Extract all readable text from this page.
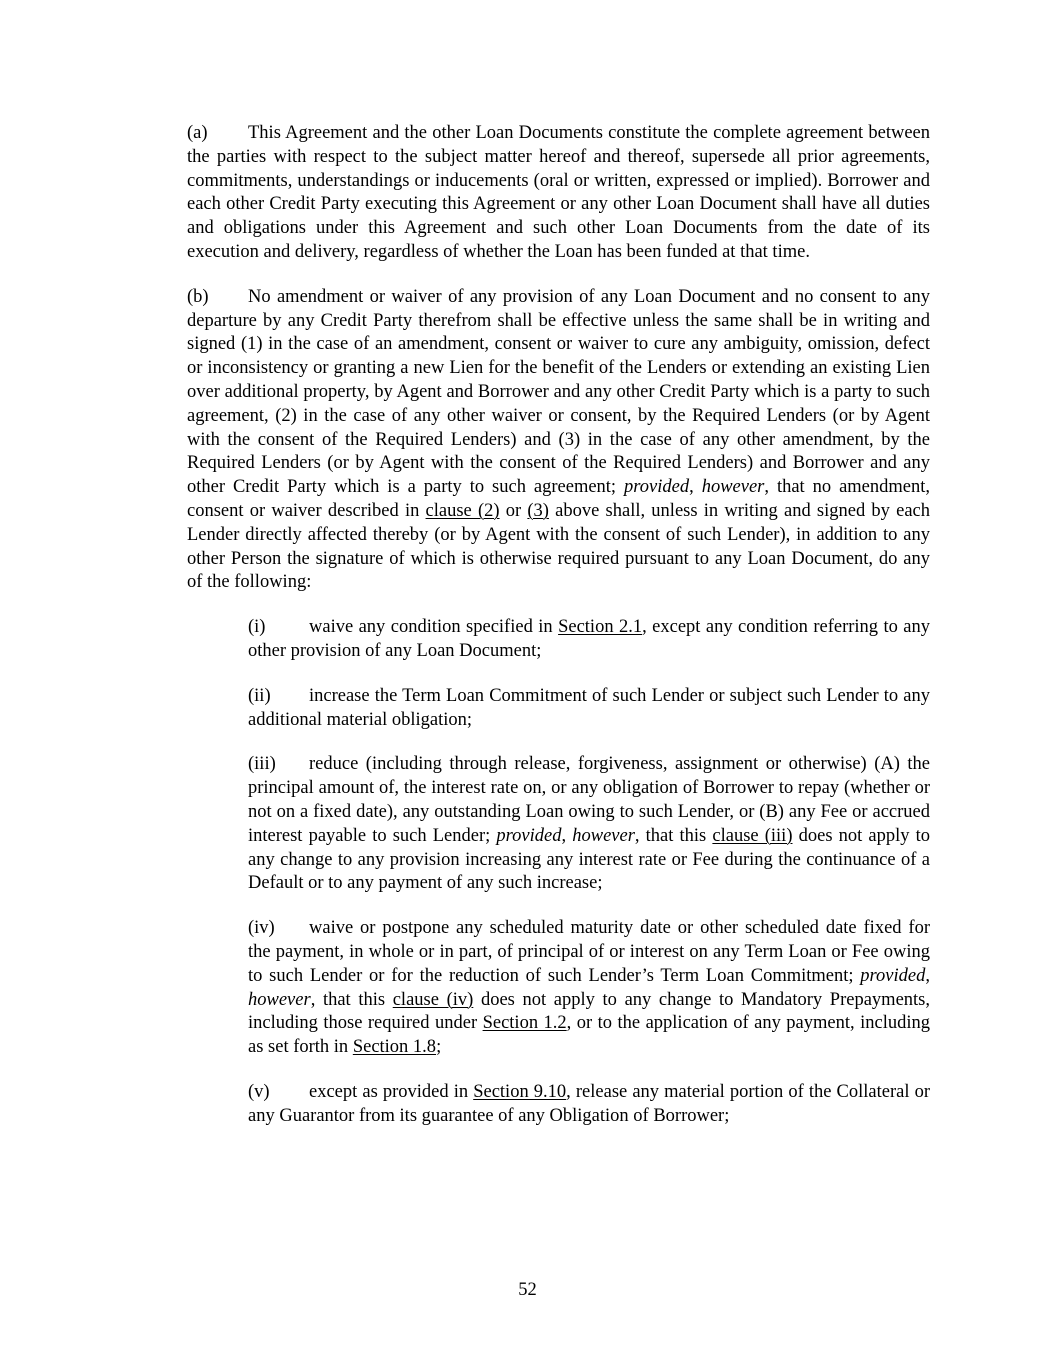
(a) This Agreement and the other Loan Documents constitute the complete agreement between the parties with respect to the subject matter hereof and thereof, supersede all prior agreements, commitments, understandings or inducements (oral or written, expressed or implied). Borrower and each other Credit Party executing this Agreement or any other Loan Document shall have all duties and obligations under this Agreement and such other Loan Documents from the date of its execution and delivery, regardless of whether the Loan has been funded at that time.

(b) No amendment or waiver of any provision of any Loan Document and no consent to any departure by any Credit Party therefrom shall be effective unless the same shall be in writing and signed (1) in the case of an amendment, consent or waiver to cure any ambiguity, omission, defect or inconsistency or granting a new Lien for the benefit of the Lenders or extending an existing Lien over additional property, by Agent and Borrower and any other Credit Party which is a party to such agreement, (2) in the case of any other waiver or consent, by the Required Lenders (or by Agent with the consent of the Required Lenders) and (3) in the case of any other amendment, by the Required Lenders (or by Agent with the consent of the Required Lenders) and Borrower and any other Credit Party which is a party to such agreement; provided, however, that no amendment, consent or waiver described in clause (2) or (3) above shall, unless in writing and signed by each Lender directly affected thereby (or by Agent with the consent of such Lender), in addition to any other Person the signature of which is otherwise required pursuant to any Loan Document, do any of the following:

(i) waive any condition specified in Section 2.1, except any condition referring to any other provision of any Loan Document;

(ii) increase the Term Loan Commitment of such Lender or subject such Lender to any additional material obligation;

(iii) reduce (including through release, forgiveness, assignment or otherwise) (A) the principal amount of, the interest rate on, or any obligation of Borrower to repay (whether or not on a fixed date), any outstanding Loan owing to such Lender, or (B) any Fee or accrued interest payable to such Lender; provided, however, that this clause (iii) does not apply to any change to any provision increasing any interest rate or Fee during the continuance of a Default or to any payment of any such increase;

(iv) waive or postpone any scheduled maturity date or other scheduled date fixed for the payment, in whole or in part, of principal of or interest on any Term Loan or Fee owing to such Lender or for the reduction of such Lender’s Term Loan Commitment; provided, however, that this clause (iv) does not apply to any change to Mandatory Prepayments, including those required under Section 1.2, or to the application of any payment, including as set forth in Section 1.8;

(v) except as provided in Section 9.10, release any material portion of the Collateral or any Guarantor from its guarantee of any Obligation of Borrower;

52
